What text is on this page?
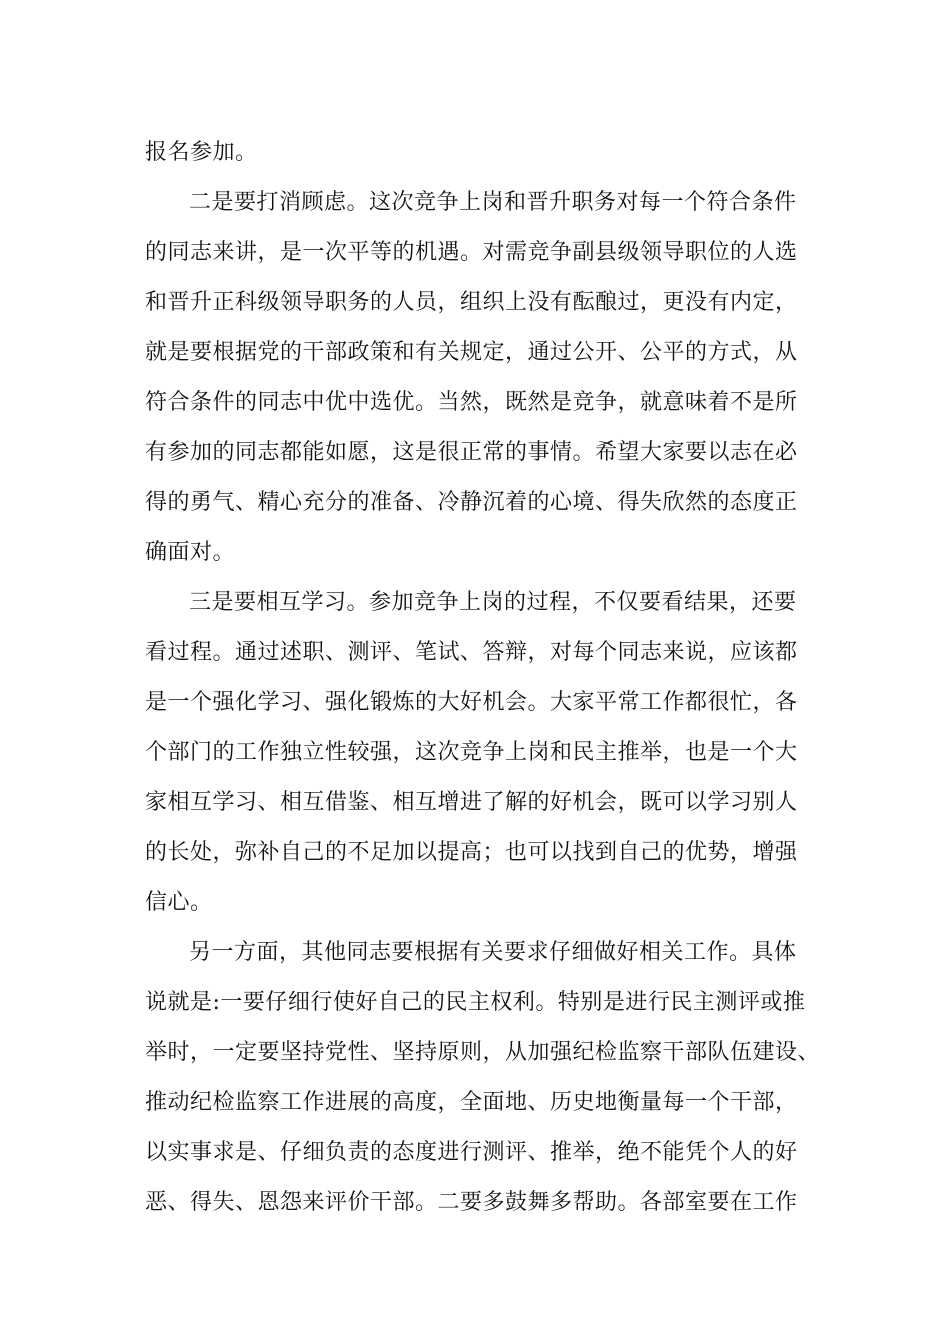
报名参加。
二是要打消顾虑。这次竞争上岗和晋升职务对每一个符合条件
的同志来讲，是一次平等的机遇。对需竞争副县级领导职位的人选
和晋升正科级领导职务的人员，组织上没有酝酿过，更没有内定，
就是要根据党的干部政策和有关规定，通过公开、公平的方式，从
符合条件的同志中优中选优。当然，既然是竞争，就意味着不是所
有参加的同志都能如愿，这是很正常的事情。希望大家要以志在必
得的勇气、精心充分的准备、冷静沉着的心境、得失欣然的态度正
确面对。
三是要相互学习。参加竞争上岗的过程，不仅要看结果，还要
看过程。通过述职、测评、笔试、答辩，对每个同志来说，应该都
是一个强化学习、强化锻炼的大好机会。大家平常工作都很忙，各
个部门的工作独立性较强，这次竞争上岗和民主推举，也是一个大
家相互学习、相互借鉴、相互增进了解的好机会，既可以学习别人
的长处，弥补自己的不足加以提高；也可以找到自己的优势，增强
信心。
另一方面，其他同志要根据有关要求仔细做好相关工作。具体
说就是:一要仔细行使好自己的民主权利。特别是进行民主测评或推
举时，一定要坚持党性、坚持原则，从加强纪检监察干部队伍建设、
推动纪检监察工作进展的高度，全面地、历史地衡量每一个干部，
以实事求是、仔细负责的态度进行测评、推举，绝不能凭个人的好
恶、得失、恩怨来评价干部。二要多鼓舞多帮助。各部室要在工作
